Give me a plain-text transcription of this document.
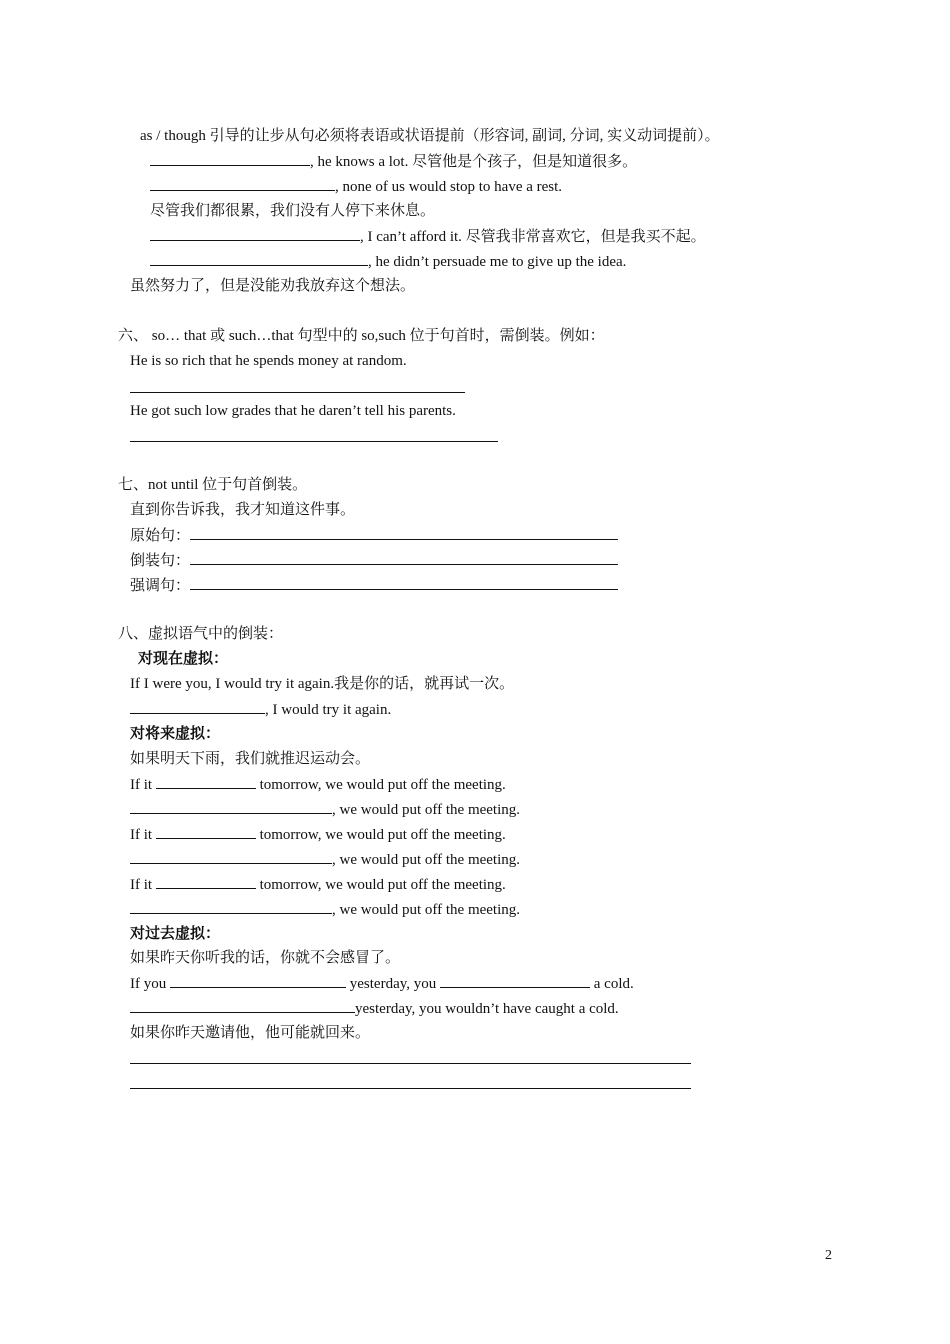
as / though 引导的让步从句必须将表语或状语提前（形容词, 副词, 分词, 实义动词提前）。
, he knows a lot. 尽管他是个孩子，但是知道很多。
, none of us would stop to have a rest.
尽管我们都很累，我们没有人停下来休息。
, I can’t afford it. 尽管我非常喜欢它，但是我买不起。
, he didn’t persuade me to give up the idea.
虽然努力了，但是没能劝我放弃这个想法。
六、 so… that 或 such…that 句型中的 so,such 位于句首时，需倒装。例如：
He is so rich that he spends money at random.
He got such low grades that he daren’t tell his parents.
七、not until 位于句首倒装。
直到你告诉我，我才知道这件事。
原始句：
倒装句：
强调句：
八、虚拟语气中的倒装：
对现在虚拟：
If I were you, I would try it again.我是你的话，就再试一次。
, I would try it again.
对将来虚拟：
如果明天下雨，我们就推迟运动会。
If it	tomorrow, we would put off the meeting.
, we would put off the meeting.
If it	tomorrow, we would put off the meeting.
, we would put off the meeting.
If it	tomorrow, we would put off the meeting.
, we would put off the meeting.
对过去虚拟：
如果昨天你听我的话，你就不会感冒了。
If you	yesterday, you	a cold.
yesterday, you wouldn’t have caught a cold.
如果你昨天邀请他，他可能就回来。
2
